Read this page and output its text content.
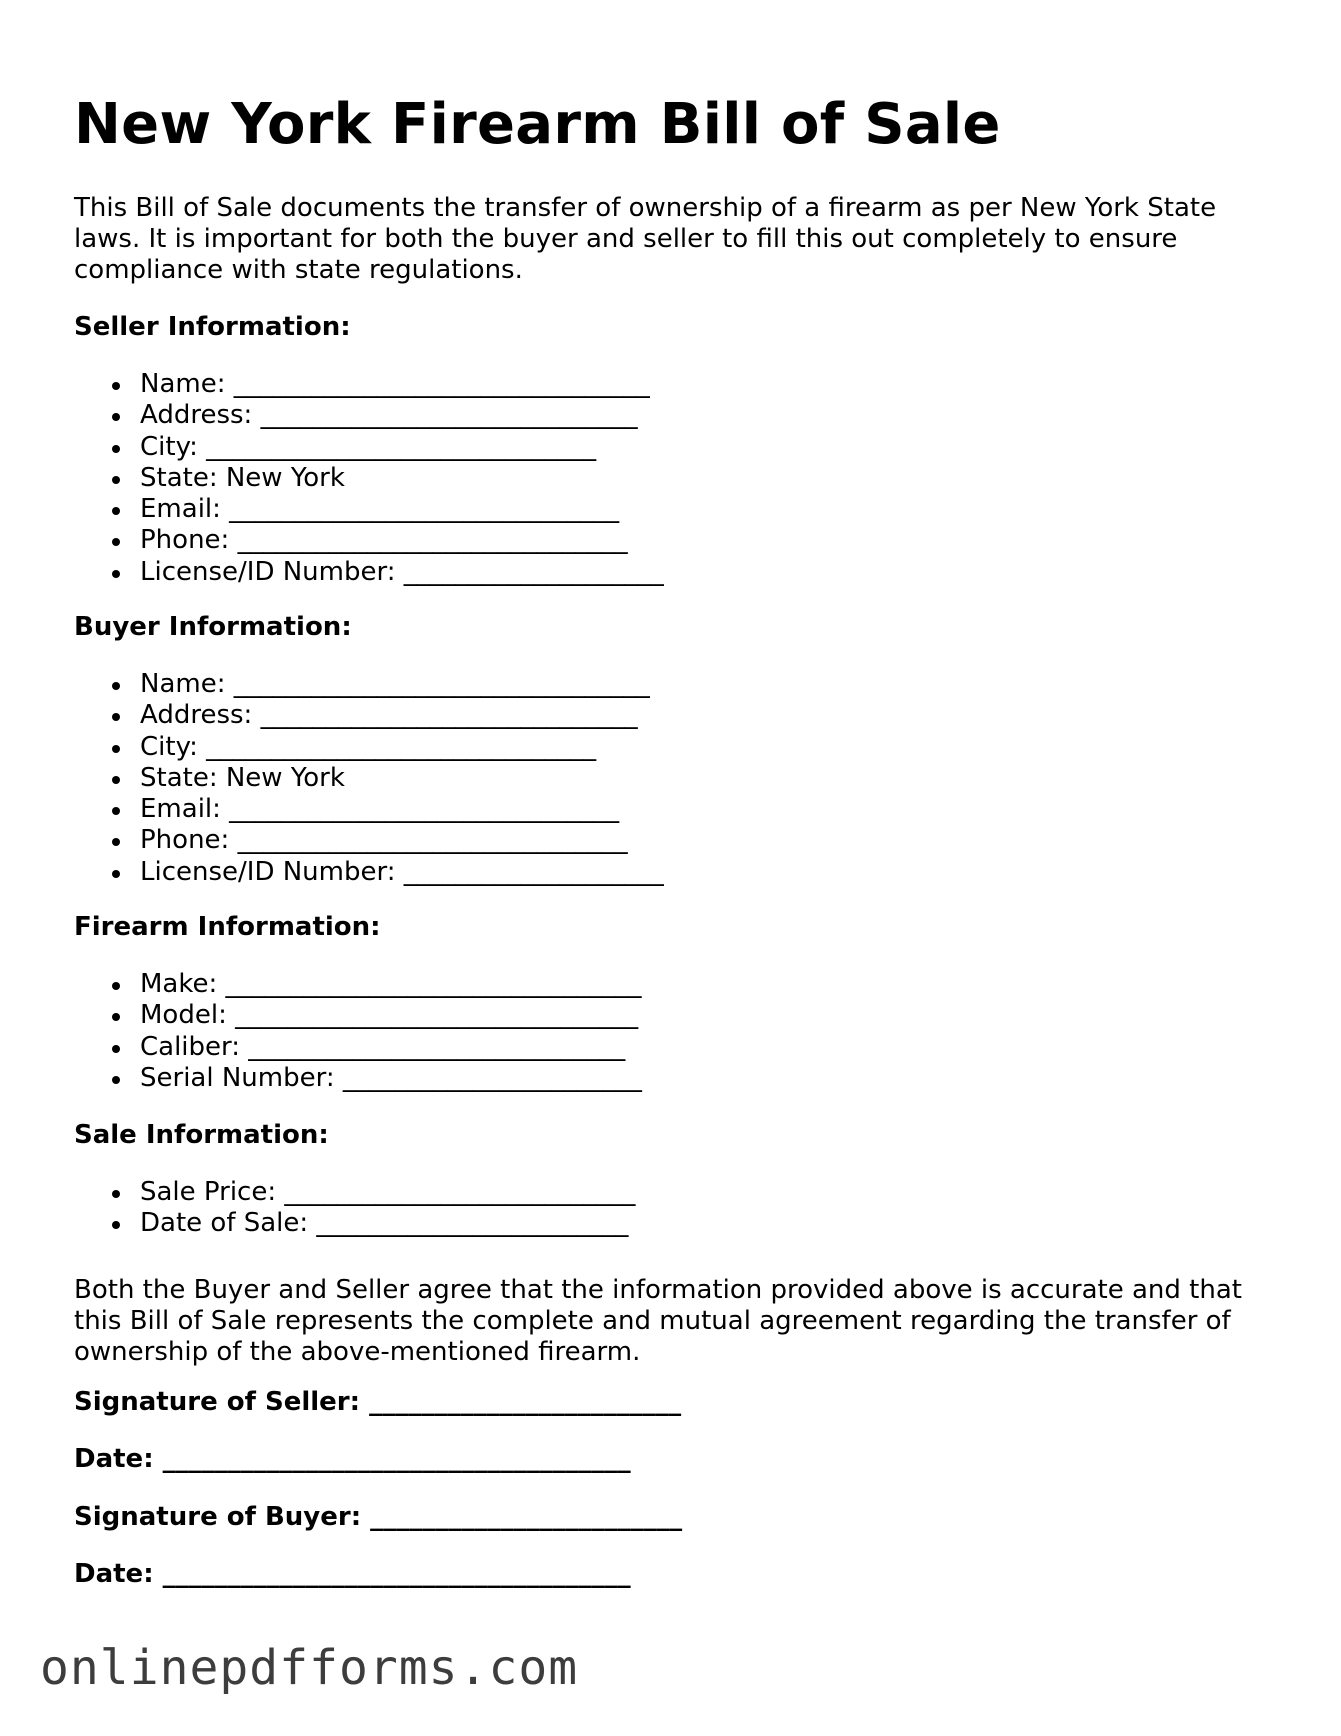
New York Firearm Bill of Sale

This Bill of Sale documents the transfer of ownership of a firearm as per New York State laws. It is important for both the buyer and seller to fill this out completely to ensure compliance with state regulations.

Seller Information:

Name: ________________________________
Address: _____________________________
City: ______________________________
State: New York
Email: ______________________________
Phone: ______________________________
License/ID Number: ____________________

Buyer Information:

Name: ________________________________
Address: _____________________________
City: ______________________________
State: New York
Email: ______________________________
Phone: ______________________________
License/ID Number: ____________________

Firearm Information:

Make: ________________________________
Model: _______________________________
Caliber: _____________________________
Serial Number: _______________________

Sale Information:

Sale Price: ___________________________
Date of Sale: ________________________

Both the Buyer and Seller agree that the information provided above is accurate and that this Bill of Sale represents the complete and mutual agreement regarding the transfer of ownership of the above-mentioned firearm.

Signature of Seller: ________________________

Date: ____________________________________

Signature of Buyer: ________________________

Date: ____________________________________

onlinepdfforms.com
